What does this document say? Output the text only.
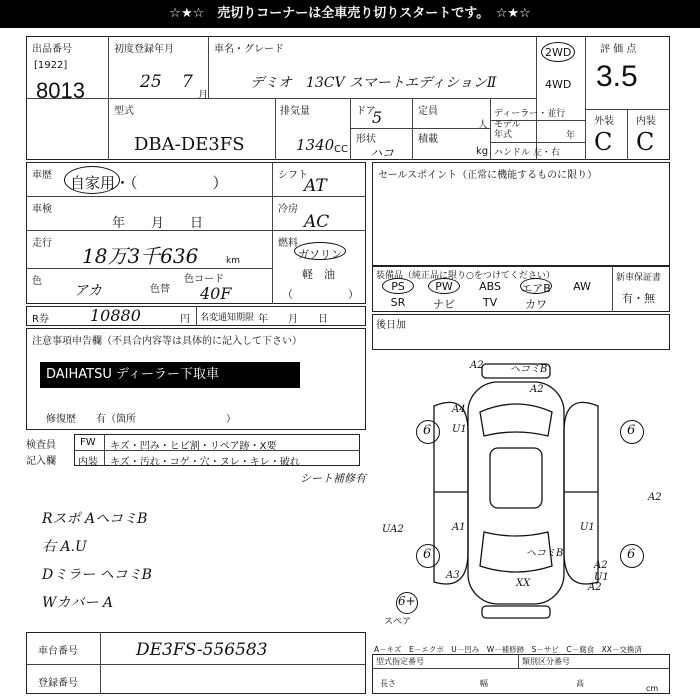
☆★☆　売切りコーナーは全車売り切りスタートです。　☆★☆
出品番号
[1922]
8013
初度登録年月
25 7
月
車名・グレード
デミオ　13CV スマートエディションⅡ
2WD
4WD
評 価 点
3.5
型式
DBA-DE3FS
排気量
1340 CC
ドア
5
形状
ハコ
定員
人
積載
kg
ディーラー・並行
モデル
年式	年
ハンドル 左・右
外装 内装
C C
車歴 自家用・（　　　　　）
車検
年　　月　　日
走行
18万3千636	km
色
アカ	色替
色コード
40F
シフト
AT
冷房
AC
燃料
ガソリン
軽　油
（　　　　　）
R券	10880	円 名変通知期限 年　　月　　日
セールスポイント（正常に機能するものに限り）
装備品（純正品に限り○をつけてください）	新車保証書
有・無
PS	PW	ABS	エアB	AW
SR	ナビ	TV	カワ
後日加
注意事項申告欄（不具合内容等は具体的に記入して下さい）
DAIHATSU ディーラー下取車
修復歴　　有（箇所　　　　　　　　　）
検査員
記入欄
FW キズ・凹み・ヒビ割・リペア跡・X要
内装 キズ・汚れ・コゲ・穴・ヌレ・キレ・破れ
シート補修有
Rスポ AヘコミB
右 A.U
Dミラー ヘコミB
Wカバー A
A2	ヘコミB
A4
U1
A2
A2
A1	U1
UA2
A2
A3	U1
A2
ヘコミB
XX
6	6
6	6
6+
スペア
A－キズ　E－エクボ　U－凹み　W－補修跡　S－サビ　C－腐食　XX－交換済
車台番号	DE3FS-556583
登録番号
型式指定番号	類別区分番号
長さ	幅	高
cm
